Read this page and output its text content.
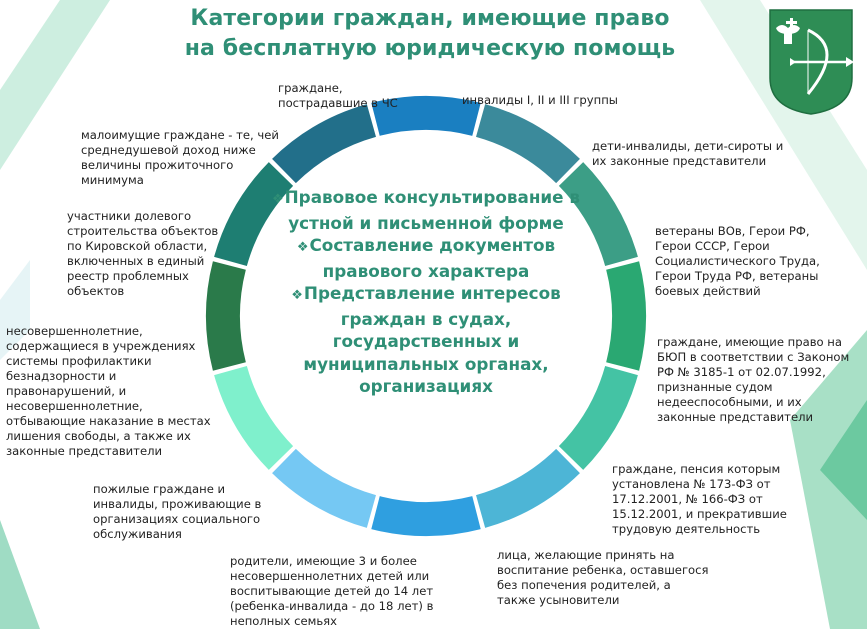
Категории граждан, имеющие право
на бесплатную юридическую помощь
❖Правовое консультирование в устной и письменной форме
❖Составление документов правового характера
❖Представление интересов граждан в судах, государственных и муниципальных органах, организациях
граждане, пострадавшие в ЧС	инвалиды I, II и III группы
дети-инвалиды, дети-сироты и их законные представители
ветераны ВОв, Герои РФ, Герои СССР, Герои Социалистического Труда, Герои Труда РФ, ветераны боевых действий
граждане, имеющие право на БЮП в соответствии с Законом РФ № 3185-1 от 02.07.1992, признанные судом недееспособными, и их законные представители
граждане, пенсия которым установлена № 173-ФЗ от 17.12.2001, № 166-ФЗ от 15.12.2001, и прекратившие трудовую деятельность
лица, желающие принять на воспитание ребенка, оставшегося без попечения родителей, а также усыновители
родители, имеющие 3 и более несовершеннолетних детей или воспитывающие детей до 14 лет (ребенка-инвалида - до 18 лет) в неполных семьях
пожилые граждане и инвалиды, проживающие в организациях социального обслуживания
несовершеннолетние, содержащиеся в учреждениях системы профилактики безнадзорности и правонарушений, и несовершеннолетние, отбывающие наказание в местах лишения свободы, а также их законные представители
участники долевого строительства объектов по Кировской области, включенных в единый реестр проблемных объектов
малоимущие граждане - те, чей среднедушевой доход ниже величины прожиточного минимума
